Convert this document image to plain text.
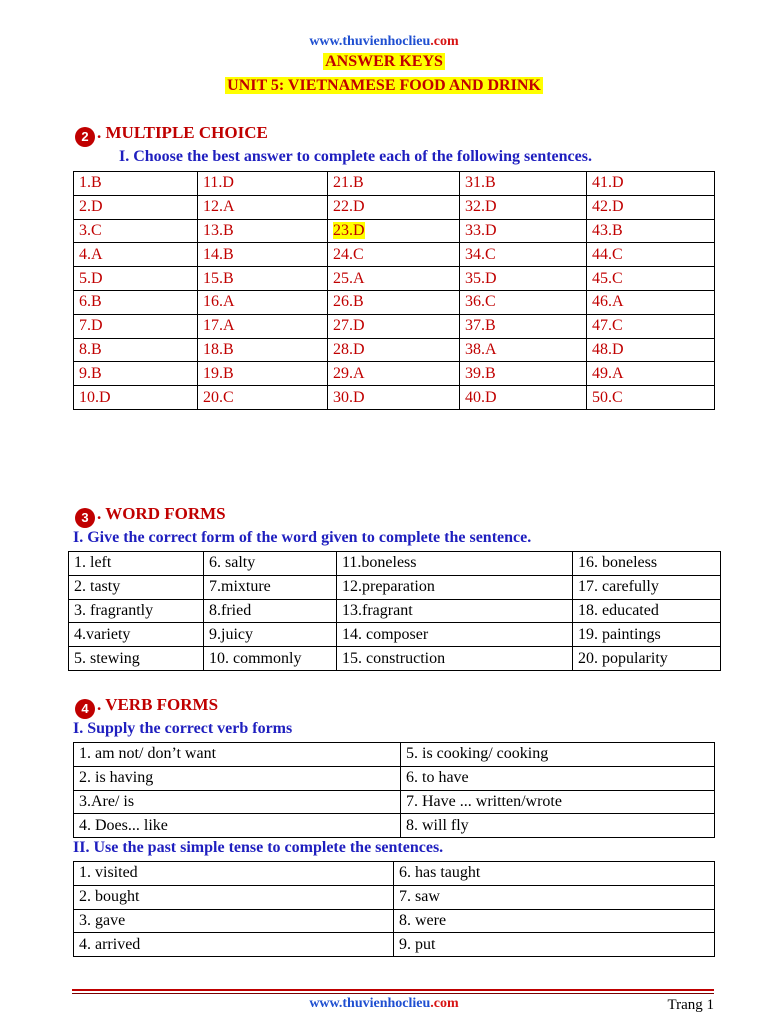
www.thuvienhoclieu.com
ANSWER KEYS
UNIT 5: VIETNAMESE FOOD AND DRINK
2 . MULTIPLE CHOICE
I. Choose the best answer to complete each of the following sentences.
1.B	11.D	21.B	31.B	41.D
2.D	12.A	22.D	32.D	42.D
3.C	13.B	23.D	33.D	43.B
4.A	14.B	24.C	34.C	44.C
5.D	15.B	25.A	35.D	45.C
6.B	16.A	26.B	36.C	46.A
7.D	17.A	27.D	37.B	47.C
8.B	18.B	28.D	38.A	48.D
9.B	19.B	29.A	39.B	49.A
10.D	20.C	30.D	40.D	50.C
3 . WORD FORMS
I. Give the correct form of the word given to complete the sentence.
1. left	6. salty	11.boneless	16. boneless
2. tasty	7.mixture	12.preparation	17. carefully
3. fragrantly	8.fried	13.fragrant	18. educated
4.variety	9.juicy	14. composer	19. paintings
5. stewing	10. commonly	15. construction	20. popularity
4 . VERB FORMS
I. Supply the correct verb forms
1. am not/ don’t want	5. is cooking/ cooking
2. is having	6. to have
3.Are/ is	7. Have ... written/wrote
4. Does... like	8. will fly
II. Use the past simple tense to complete the sentences.
1. visited	6. has taught
2. bought	7. saw
3. gave	8. were
4. arrived	9. put
www.thuvienhoclieu.com	Trang 1
